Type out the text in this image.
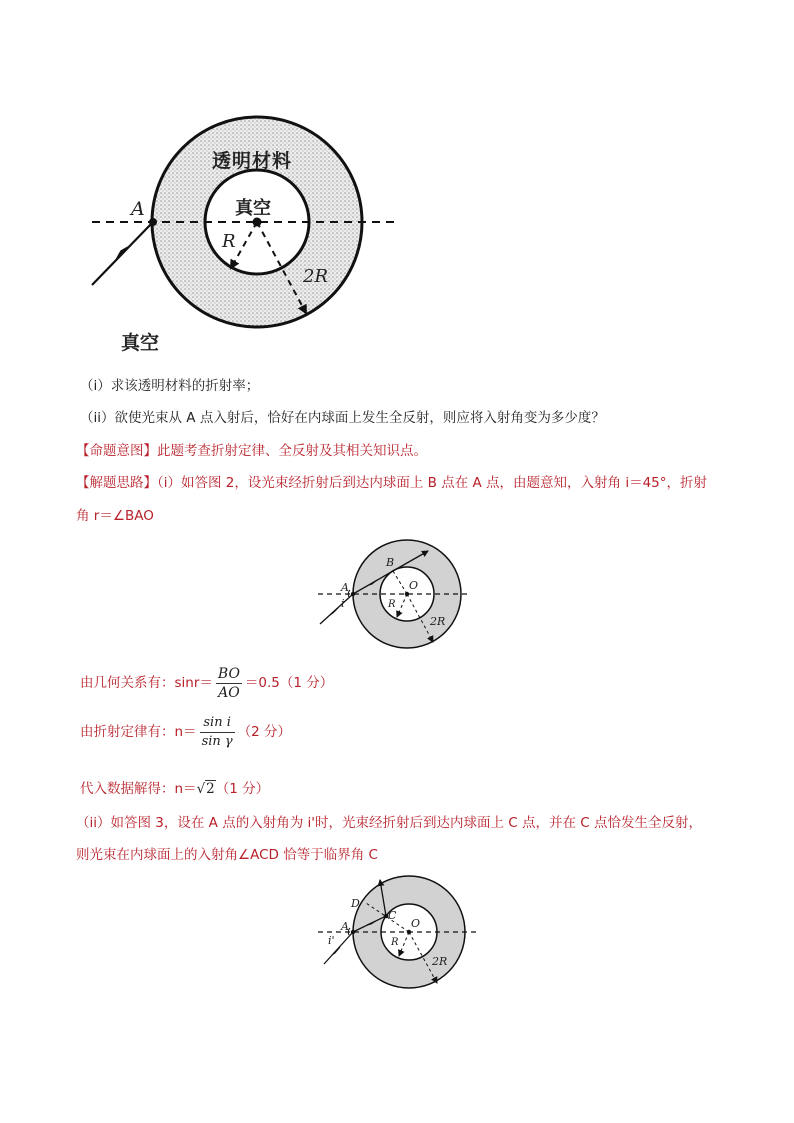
透明材料
真空
A
R
2R
真空
（i）求该透明材料的折射率；
（ii）欲使光束从 A 点入射后，恰好在内球面上发生全反射，则应将入射角变为多少度？
【命题意图】此题考查折射定律、全反射及其相关知识点。
【解题思路】（i）如答图 2，设光束经折射后到达内球面上 B 点在 A 点，由题意知，入射角 i＝45°，折射
角 r＝∠BAO
A
i
B
O
R
2R
由几何关系有：$\sin r= \frac{BO}{AO} =0.5(1$ 分）
由折射定律有：$n= \frac{\text{sin i}}{\text{sin γ}} (2$ 分）
代入数据解得：n＝√2（1 分）
（ii）如答图 3，设在 A 点的入射角为 i'时，光束经折射后到达内球面上 C 点，并在 C 点恰发生全反射，
则光束在内球面上的入射角∠ACD 恰等于临界角 C
D
C
A
i'
O
R
2R
